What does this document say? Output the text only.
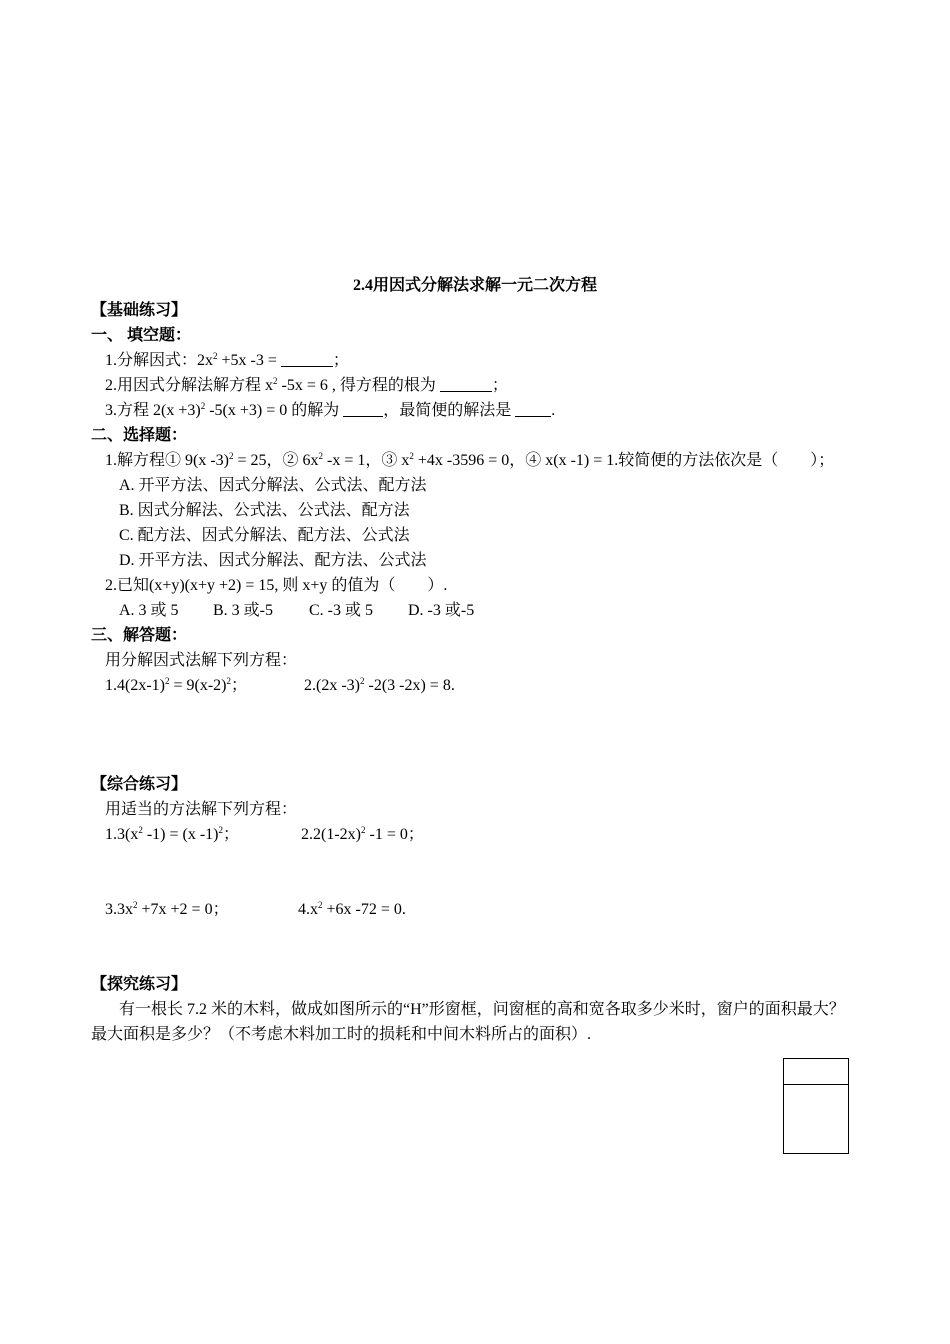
2.4用因式分解法求解一元二次方程
【基础练习】
一、 填空题：
1.分解因式：$2x^2 +5x$ -3 =	；
2.用因式分解法解方程 $x^2$ -5x = 6 , 得方程的根为	；
3.方程 $2(x +3)^2$ -5(x +3) = 0 的解为	，最简便的解法是 .
二、选择题：
1.解方程① 9(x -3)$^2$ = 25，② $6x^2$ -x = 1，③ $x^2 +4x$ -3596 = 0，④ x(x -1) = 1.较简便的方法依次是（　　）；
A. 开平方法、因式分解法、公式法、配方法
B. 因式分解法、公式法、公式法、配方法
C. 配方法、因式分解法、配方法、公式法
D. 开平方法、因式分解法、配方法、公式法
2.已知(x+y)(x+y +2) = 15, 则 x+y 的值为（　　）.
A. 3 或 5 B. 3 或-5 C. -3 或 5 D. -3 或-5
三、解答题：
用分解因式法解下列方程：
$1.4(2x-1)^2 = 9(x-2)^2$；	2.(2x -3)$^2$ -2(3 -2x) = 8.
【综合练习】
用适当的方法解下列方程：
$1.3(x^2$ -1) = (x -1)$^2$；	$2.2(1-2x)^2$ -1 = 0；
$3.3x^2 +7x +2 = 0$；	$4.x^2 +6x$ -72 = 0.
【探究练习】
有一根长 7.2 米的木料，做成如图所示的“H”形窗框，问窗框的高和宽各取多少米时，窗户的面积最大？
最大面积是多少？（不考虑木料加工时的损耗和中间木料所占的面积）.
